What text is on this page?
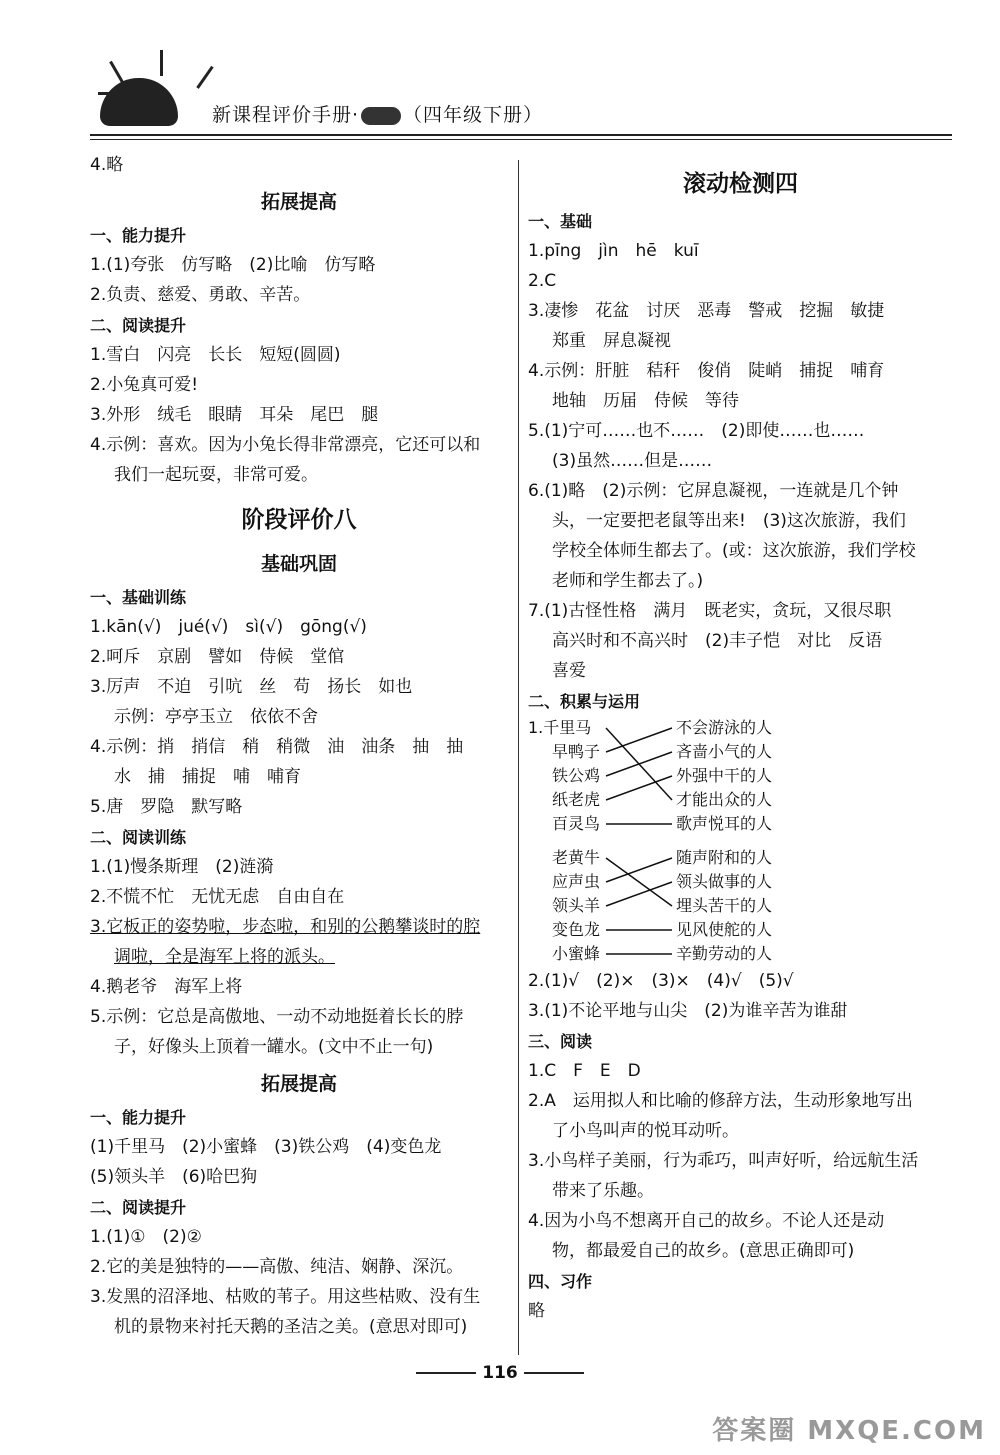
新课程评价手册· （四年级下册）
4.略
拓展提高
一、能力提升
1.(1)夸张　仿写略　(2)比喻　仿写略
2.负责、慈爱、勇敢、辛苦。
二、阅读提升
1.雪白　闪亮　长长　短短(圆圆)
2.小兔真可爱!
3.外形　绒毛　眼睛　耳朵　尾巴　腿
4.示例：喜欢。因为小兔长得非常漂亮，它还可以和
我们一起玩耍，非常可爱。
阶段评价八
基础巩固
一、基础训练
1.kān(√)　jué(√)　sì(√)　gōng(√)
2.呵斥　京剧　譬如　侍候　堂倌
3.厉声　不迫　引吭　丝　苟　扬长　如也
示例：亭亭玉立　依依不舍
4.示例：捎　捎信　稍　稍微　油　油条　抽　抽
水　捕　捕捉　哺　哺育
5.唐　罗隐　默写略
二、阅读训练
1.(1)慢条斯理　(2)涟漪
2.不慌不忙　无忧无虑　自由自在
3.它板正的姿势啦，步态啦，和别的公鹅攀谈时的腔
调啦，全是海军上将的派头。
4.鹅老爷　海军上将
5.示例：它总是高傲地、一动不动地挺着长长的脖
子，好像头上顶着一罐水。(文中不止一句)
拓展提高
一、能力提升
(1)千里马　(2)小蜜蜂　(3)铁公鸡　(4)变色龙
(5)领头羊　(6)哈巴狗
二、阅读提升
1.(1)①　(2)②
2.它的美是独特的——高傲、纯洁、娴静、深沉。
3.发黑的沼泽地、枯败的苇子。用这些枯败、没有生
机的景物来衬托天鹅的圣洁之美。(意思对即可)
滚动检测四
一、基础
1.pīng　jìn　hē　kuī
2.C
3.凄惨　花盆　讨厌　恶毒　警戒　挖掘　敏捷
郑重　屏息凝视
4.示例：肝脏　秸秆　俊俏　陡峭　捕捉　哺育
地轴　历届　侍候　等待
5.(1)宁可……也不……　(2)即使……也……
(3)虽然……但是……
6.(1)略　(2)示例：它屏息凝视，一连就是几个钟
头，一定要把老鼠等出来!　(3)这次旅游，我们
学校全体师生都去了。(或：这次旅游，我们学校
老师和学生都去了。)
7.(1)古怪性格　满月　既老实，贪玩，又很尽职
高兴时和不高兴时　(2)丰子恺　对比　反语
喜爱
二、积累与运用
1.千里马
早鸭子
铁公鸡
纸老虎
百灵鸟
不会游泳的人
吝啬小气的人
外强中干的人
才能出众的人
歌声悦耳的人
老黄牛
应声虫
领头羊
变色龙
小蜜蜂
随声附和的人
领头做事的人
埋头苦干的人
见风使舵的人
辛勤劳动的人
2.(1)√　(2)×　(3)×　(4)√　(5)√
3.(1)不论平地与山尖　(2)为谁辛苦为谁甜
三、阅读
1.C　F　E　D
2.A　运用拟人和比喻的修辞方法，生动形象地写出
了小鸟叫声的悦耳动听。
3.小鸟样子美丽，行为乖巧，叫声好听，给远航生活
带来了乐趣。
4.因为小鸟不想离开自己的故乡。不论人还是动
物，都最爱自己的故乡。(意思正确即可)
四、习作
略
116
答案圈 MXQE.COM
